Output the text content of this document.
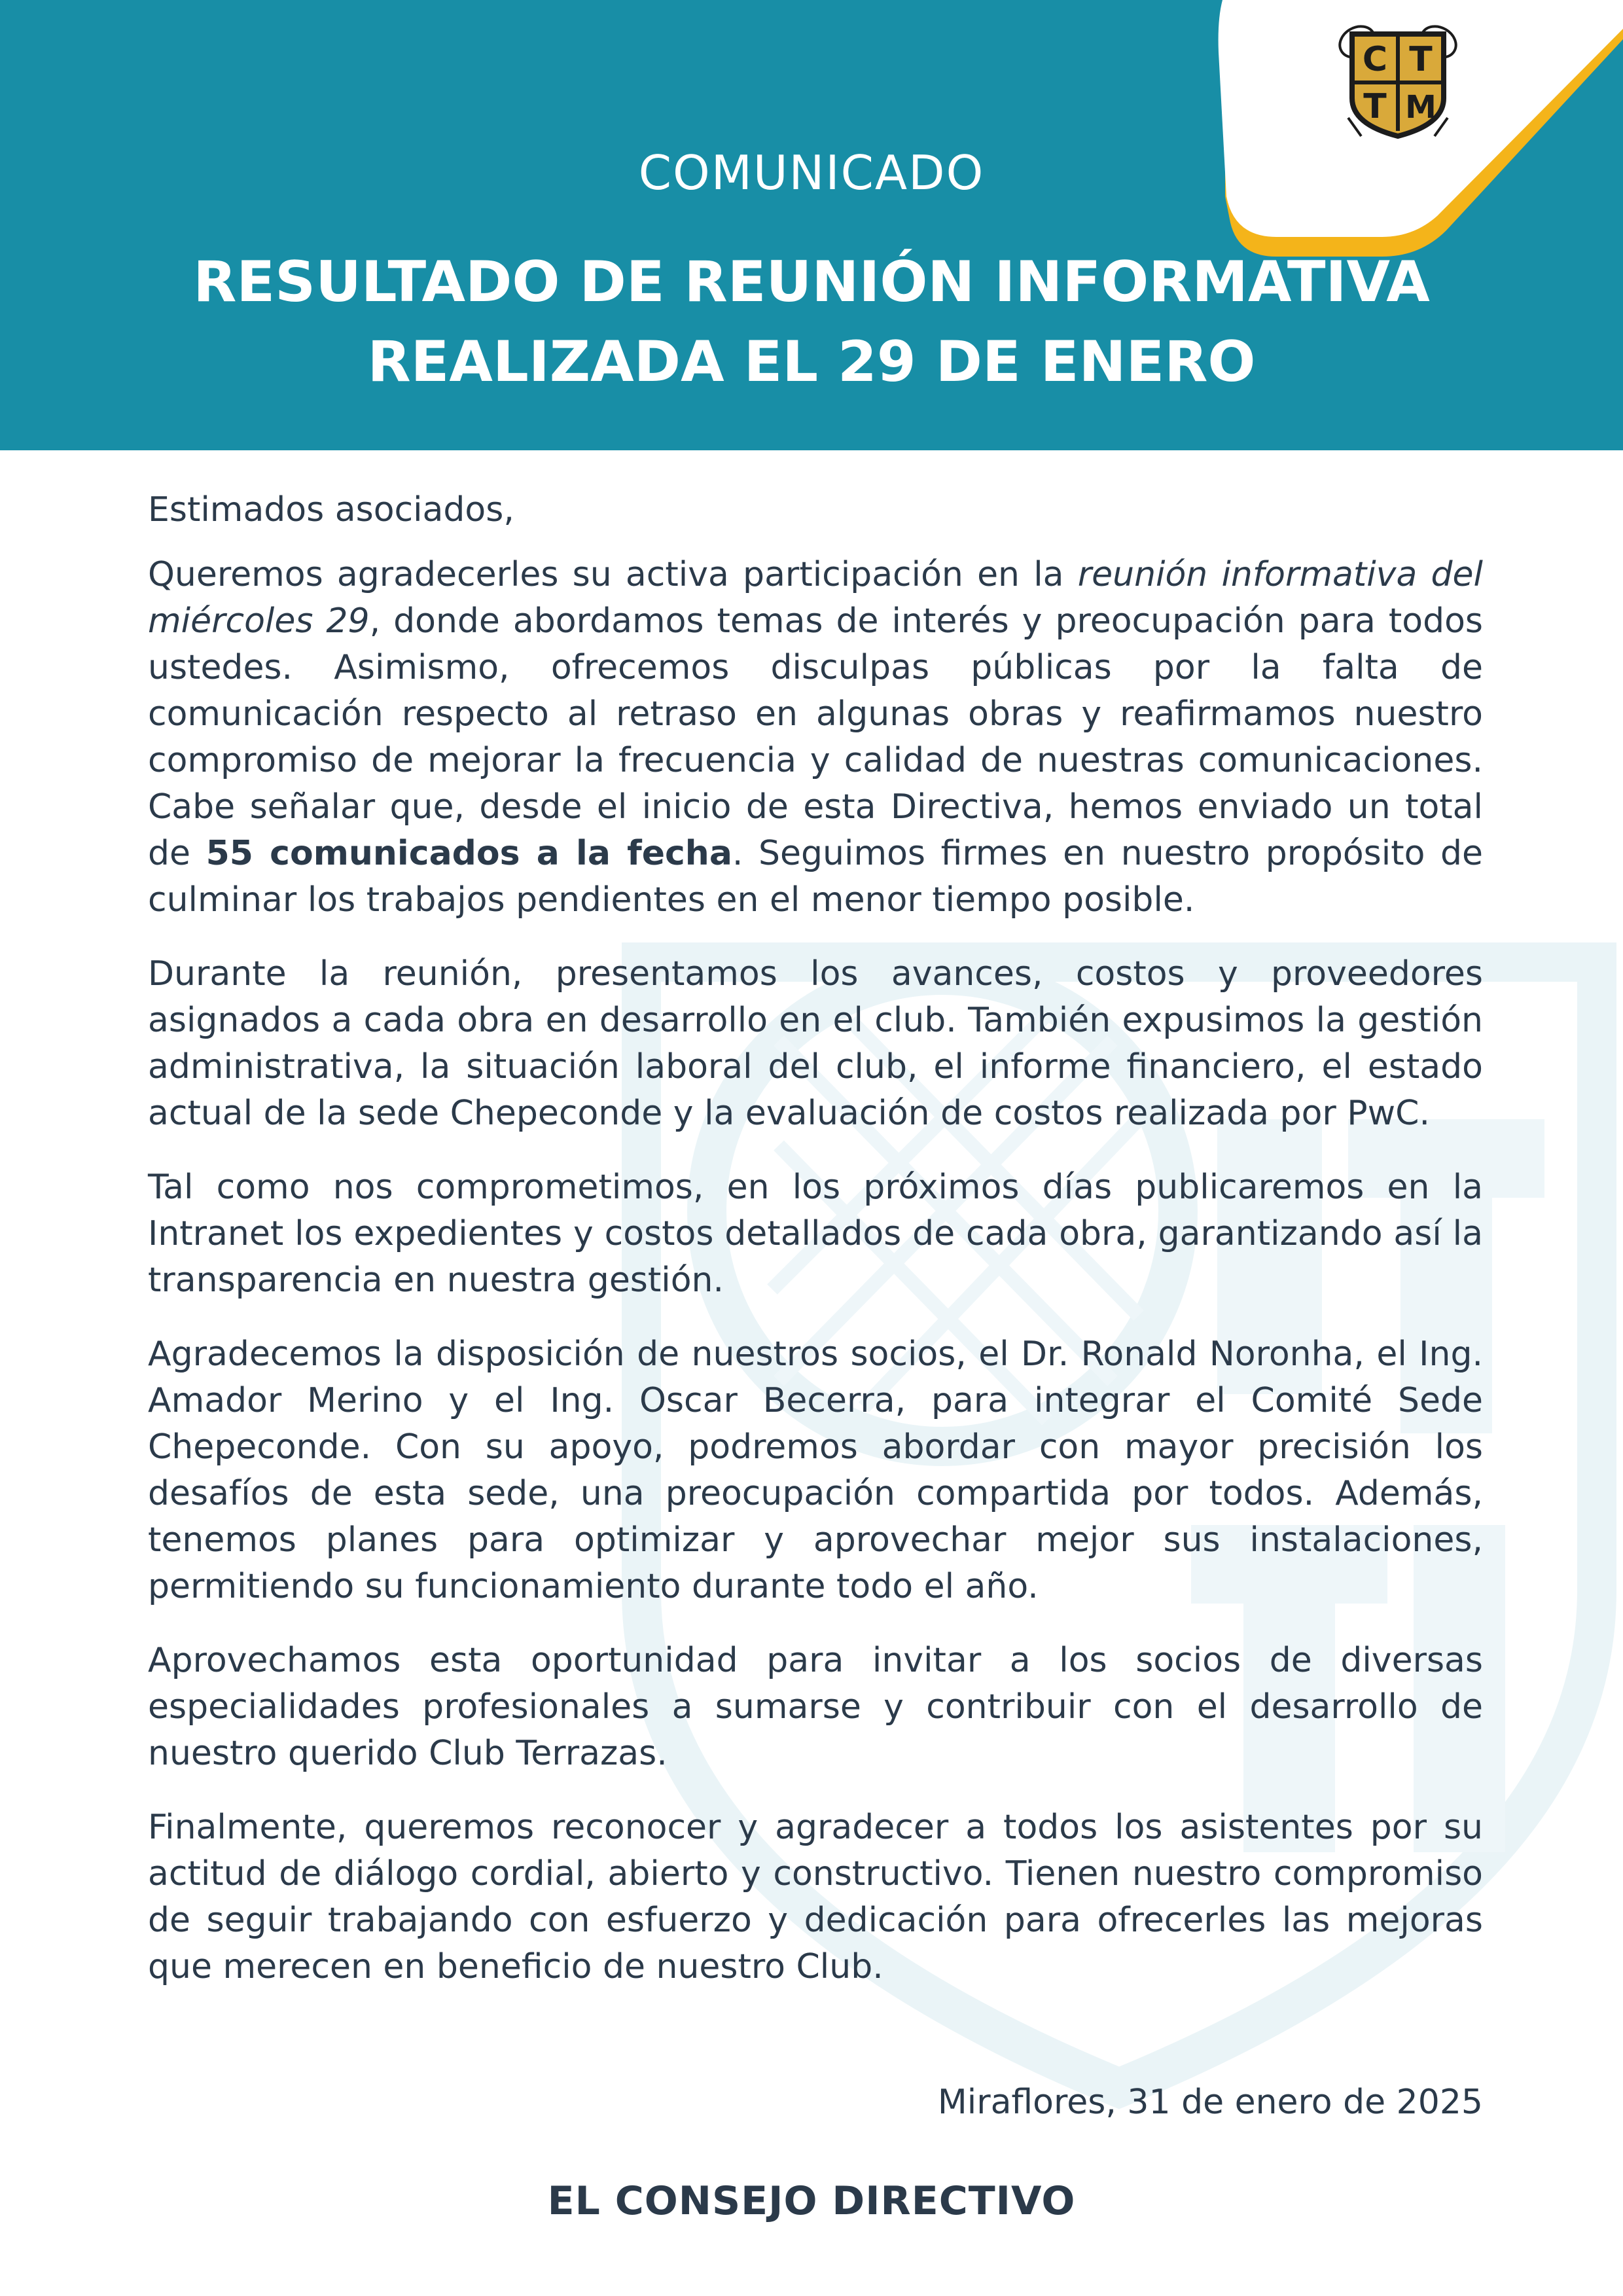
C T
T M
COMUNICADO
RESULTADO DE REUNIÓN INFORMATIVA
REALIZADA EL 29 DE ENERO

Estimados asociados,

Queremos agradecerles su activa participación en la reunión informativa del miércoles 29, donde abordamos temas de interés y preocupación para todos ustedes. Asimismo, ofrecemos disculpas públicas por la falta de comunicación respecto al retraso en algunas obras y reafirmamos nuestro compromiso de mejorar la frecuencia y calidad de nuestras comunicaciones. Cabe señalar que, desde el inicio de esta Directiva, hemos enviado un total de 55 comunicados a la fecha. Seguimos firmes en nuestro propósito de culminar los trabajos pendientes en el menor tiempo posible.

Durante la reunión, presentamos los avances, costos y proveedores asignados a cada obra en desarrollo en el club. También expusimos la gestión administrativa, la situación laboral del club, el informe financiero, el estado actual de la sede Chepeconde y la evaluación de costos realizada por PwC.

Tal como nos comprometimos, en los próximos días publicaremos en la Intranet los expedientes y costos detallados de cada obra, garantizando así la transparencia en nuestra gestión.

Agradecemos la disposición de nuestros socios, el Dr. Ronald Noronha, el Ing. Amador Merino y el Ing. Oscar Becerra, para integrar el Comité Sede Chepeconde. Con su apoyo, podremos abordar con mayor precisión los desafíos de esta sede, una preocupación compartida por todos. Además, tenemos planes para optimizar y aprovechar mejor sus instalaciones, permitiendo su funcionamiento durante todo el año.

Aprovechamos esta oportunidad para invitar a los socios de diversas especialidades profesionales a sumarse y contribuir con el desarrollo de nuestro querido Club Terrazas.

Finalmente, queremos reconocer y agradecer a todos los asistentes por su actitud de diálogo cordial, abierto y constructivo. Tienen nuestro compromiso de seguir trabajando con esfuerzo y dedicación para ofrecerles las mejoras que merecen en beneficio de nuestro Club.

Miraflores, 31 de enero de 2025
EL CONSEJO DIRECTIVO
